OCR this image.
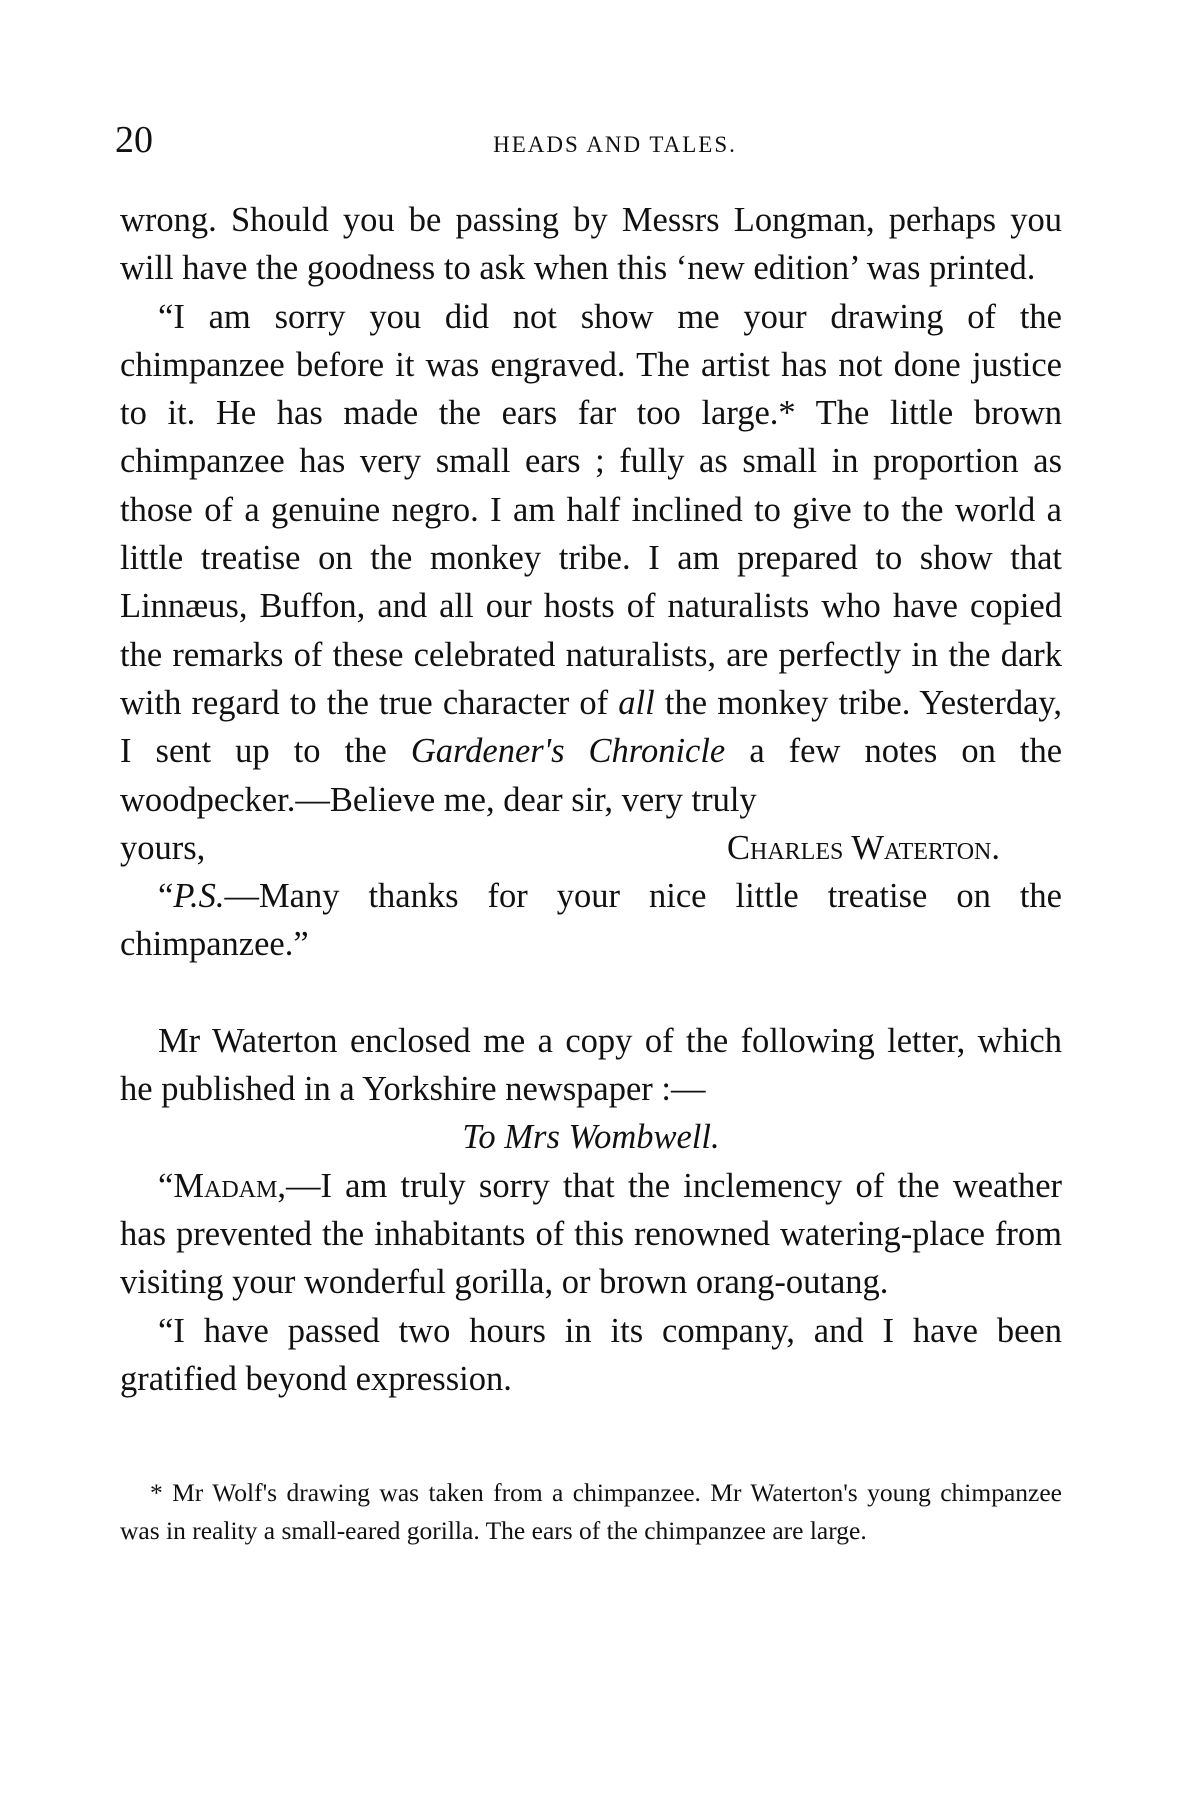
20	HEADS AND TALES.

wrong. Should you be passing by Messrs Longman, perhaps you will have the goodness to ask when this ‘new edition’ was printed.

“I am sorry you did not show me your drawing of the chimpanzee before it was engraved. The artist has not done justice to it. He has made the ears far too large.* The little brown chimpanzee has very small ears ; fully as small in proportion as those of a genuine negro. I am half inclined to give to the world a little treatise on the monkey tribe. I am prepared to show that Linnæus, Buffon, and all our hosts of naturalists who have copied the remarks of these celebrated naturalists, are perfectly in the dark with regard to the true character of all the monkey tribe. Yesterday, I sent up to the Gardener's Chronicle a few notes on the woodpecker.—Believe me, dear sir, very truly

yours,	Charles Waterton.

“P.S.—Many thanks for your nice little treatise on the chimpanzee.”

Mr Waterton enclosed me a copy of the following letter, which he published in a Yorkshire newspaper :—

To Mrs Wombwell.

“Madam,—I am truly sorry that the inclemency of the weather has prevented the inhabitants of this renowned watering-place from visiting your wonderful gorilla, or brown orang-outang.

“I have passed two hours in its company, and I have been gratified beyond expression.

* Mr Wolf's drawing was taken from a chimpanzee. Mr Waterton's young chimpanzee was in reality a small-eared gorilla. The ears of the chimpanzee are large.
